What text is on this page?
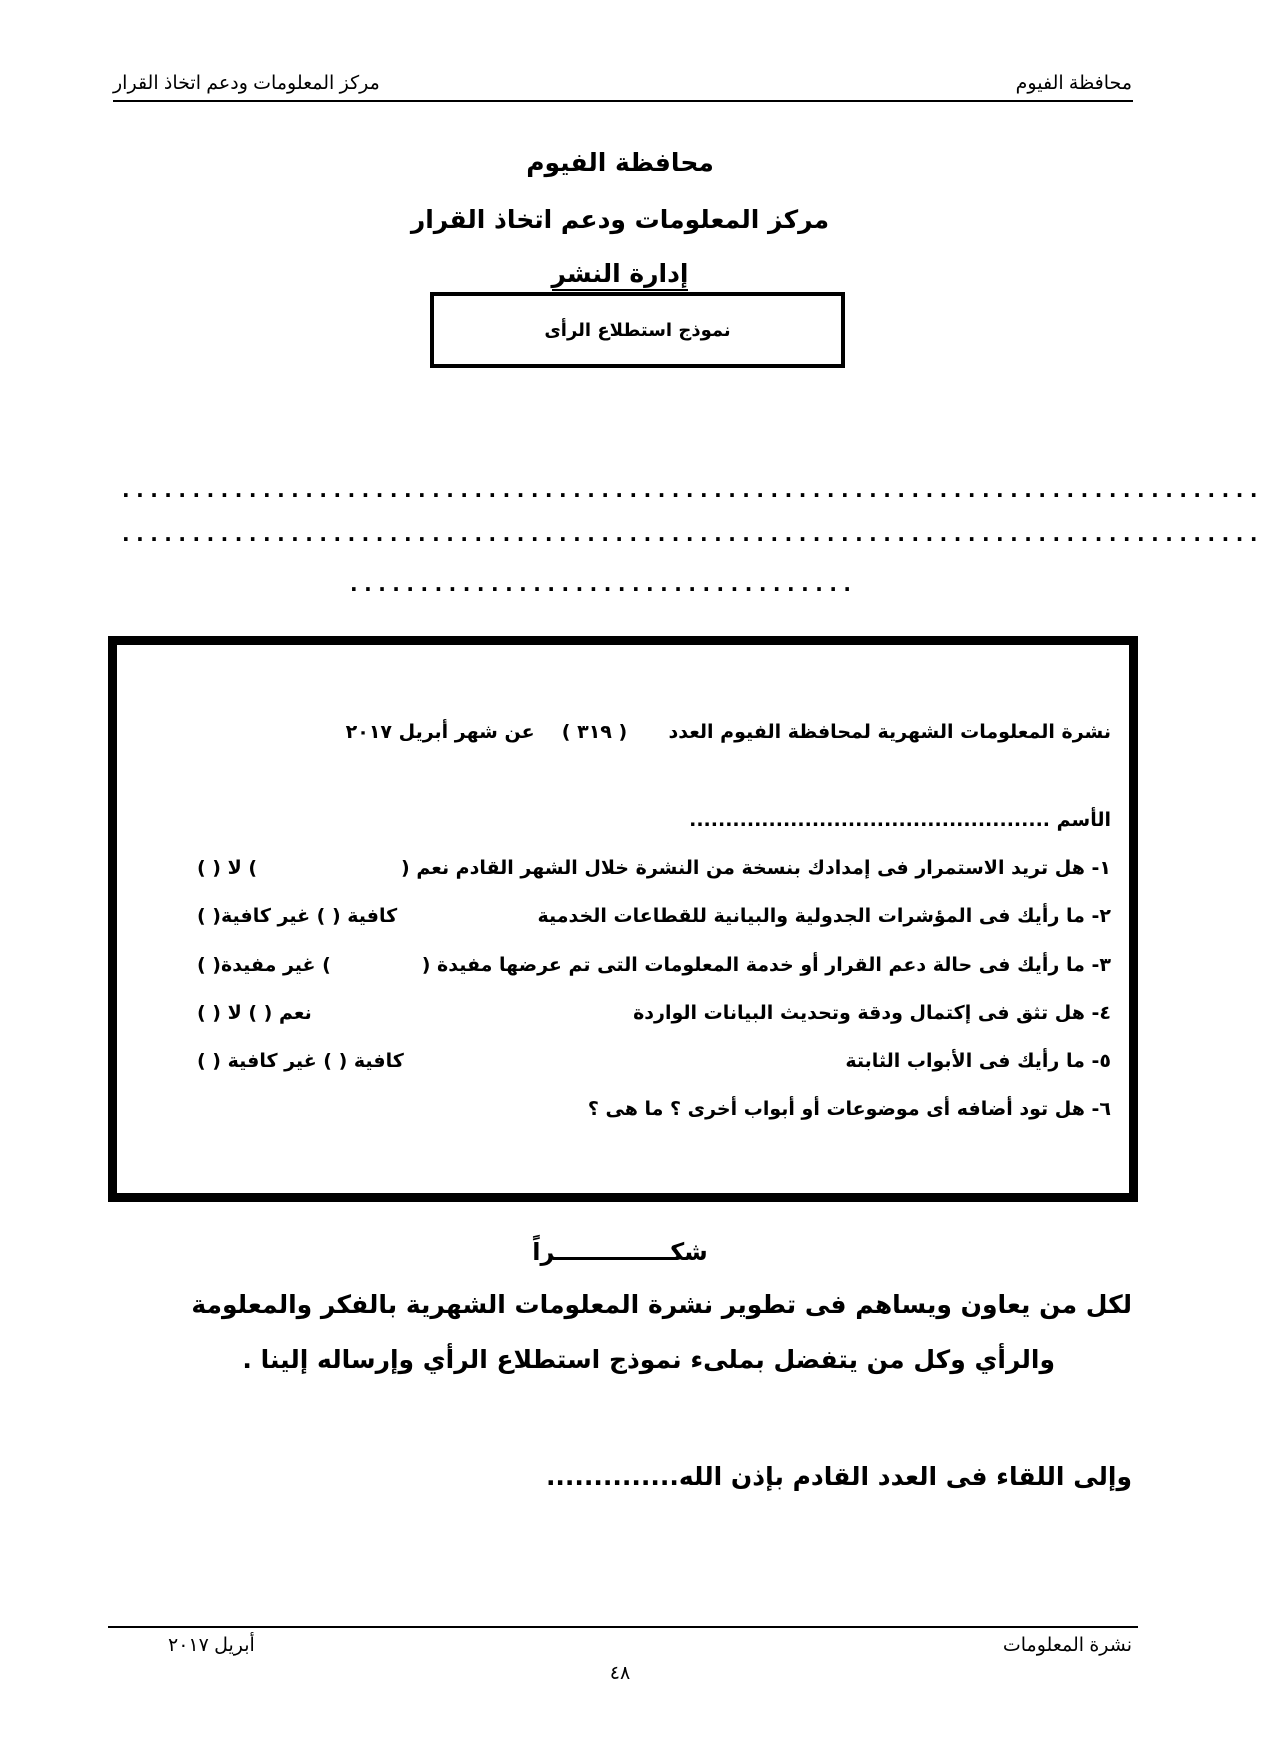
محافظة الفيوم
مركز المعلومات ودعم اتخاذ القرار
محافظة الفيوم
مركز المعلومات ودعم اتخاذ القرار
إدارة النشر
نموذج استطلاع الرأى
.................................................................................
.................................................................................
....................................
نشرة المعلومات الشهرية لمحافظة الفيوم العدد  ( ٣١٩ )  عن شهر أبريل ٢٠١٧
الأسم ..................................................
١- هل تريد الاستمرار فى إمدادك بنسخة من النشرة خلال الشهر القادم نعم (
) لا ( )
٢- ما رأيك فى المؤشرات الجدولية والبيانية للقطاعات الخدمية
كافية ( ) غير كافية( )
٣- ما رأيك فى حالة دعم القرار أو خدمة المعلومات التى تم عرضها مفيدة (
) غير مفيدة( )
٤- هل تثق فى إكتمال ودقة وتحديث البيانات الواردة
نعم ( ) لا ( )
٥- ما رأيك فى الأبواب الثابتة
كافية ( ) غير كافية ( )
٦- هل تود أضافه أى موضوعات أو أبواب أخرى ؟ ما هى ؟
شكــــــــــــــراً
لكل من يعاون ويساهم فى تطوير نشرة المعلومات الشهرية بالفكر والمعلومة
والرأي وكل من يتفضل بملىء نموذج استطلاع الرأي وإرساله إلينا .
وإلى اللقاء فى العدد القادم بإذن الله..............
نشرة المعلومات
أبريل ٢٠١٧
٤٨
